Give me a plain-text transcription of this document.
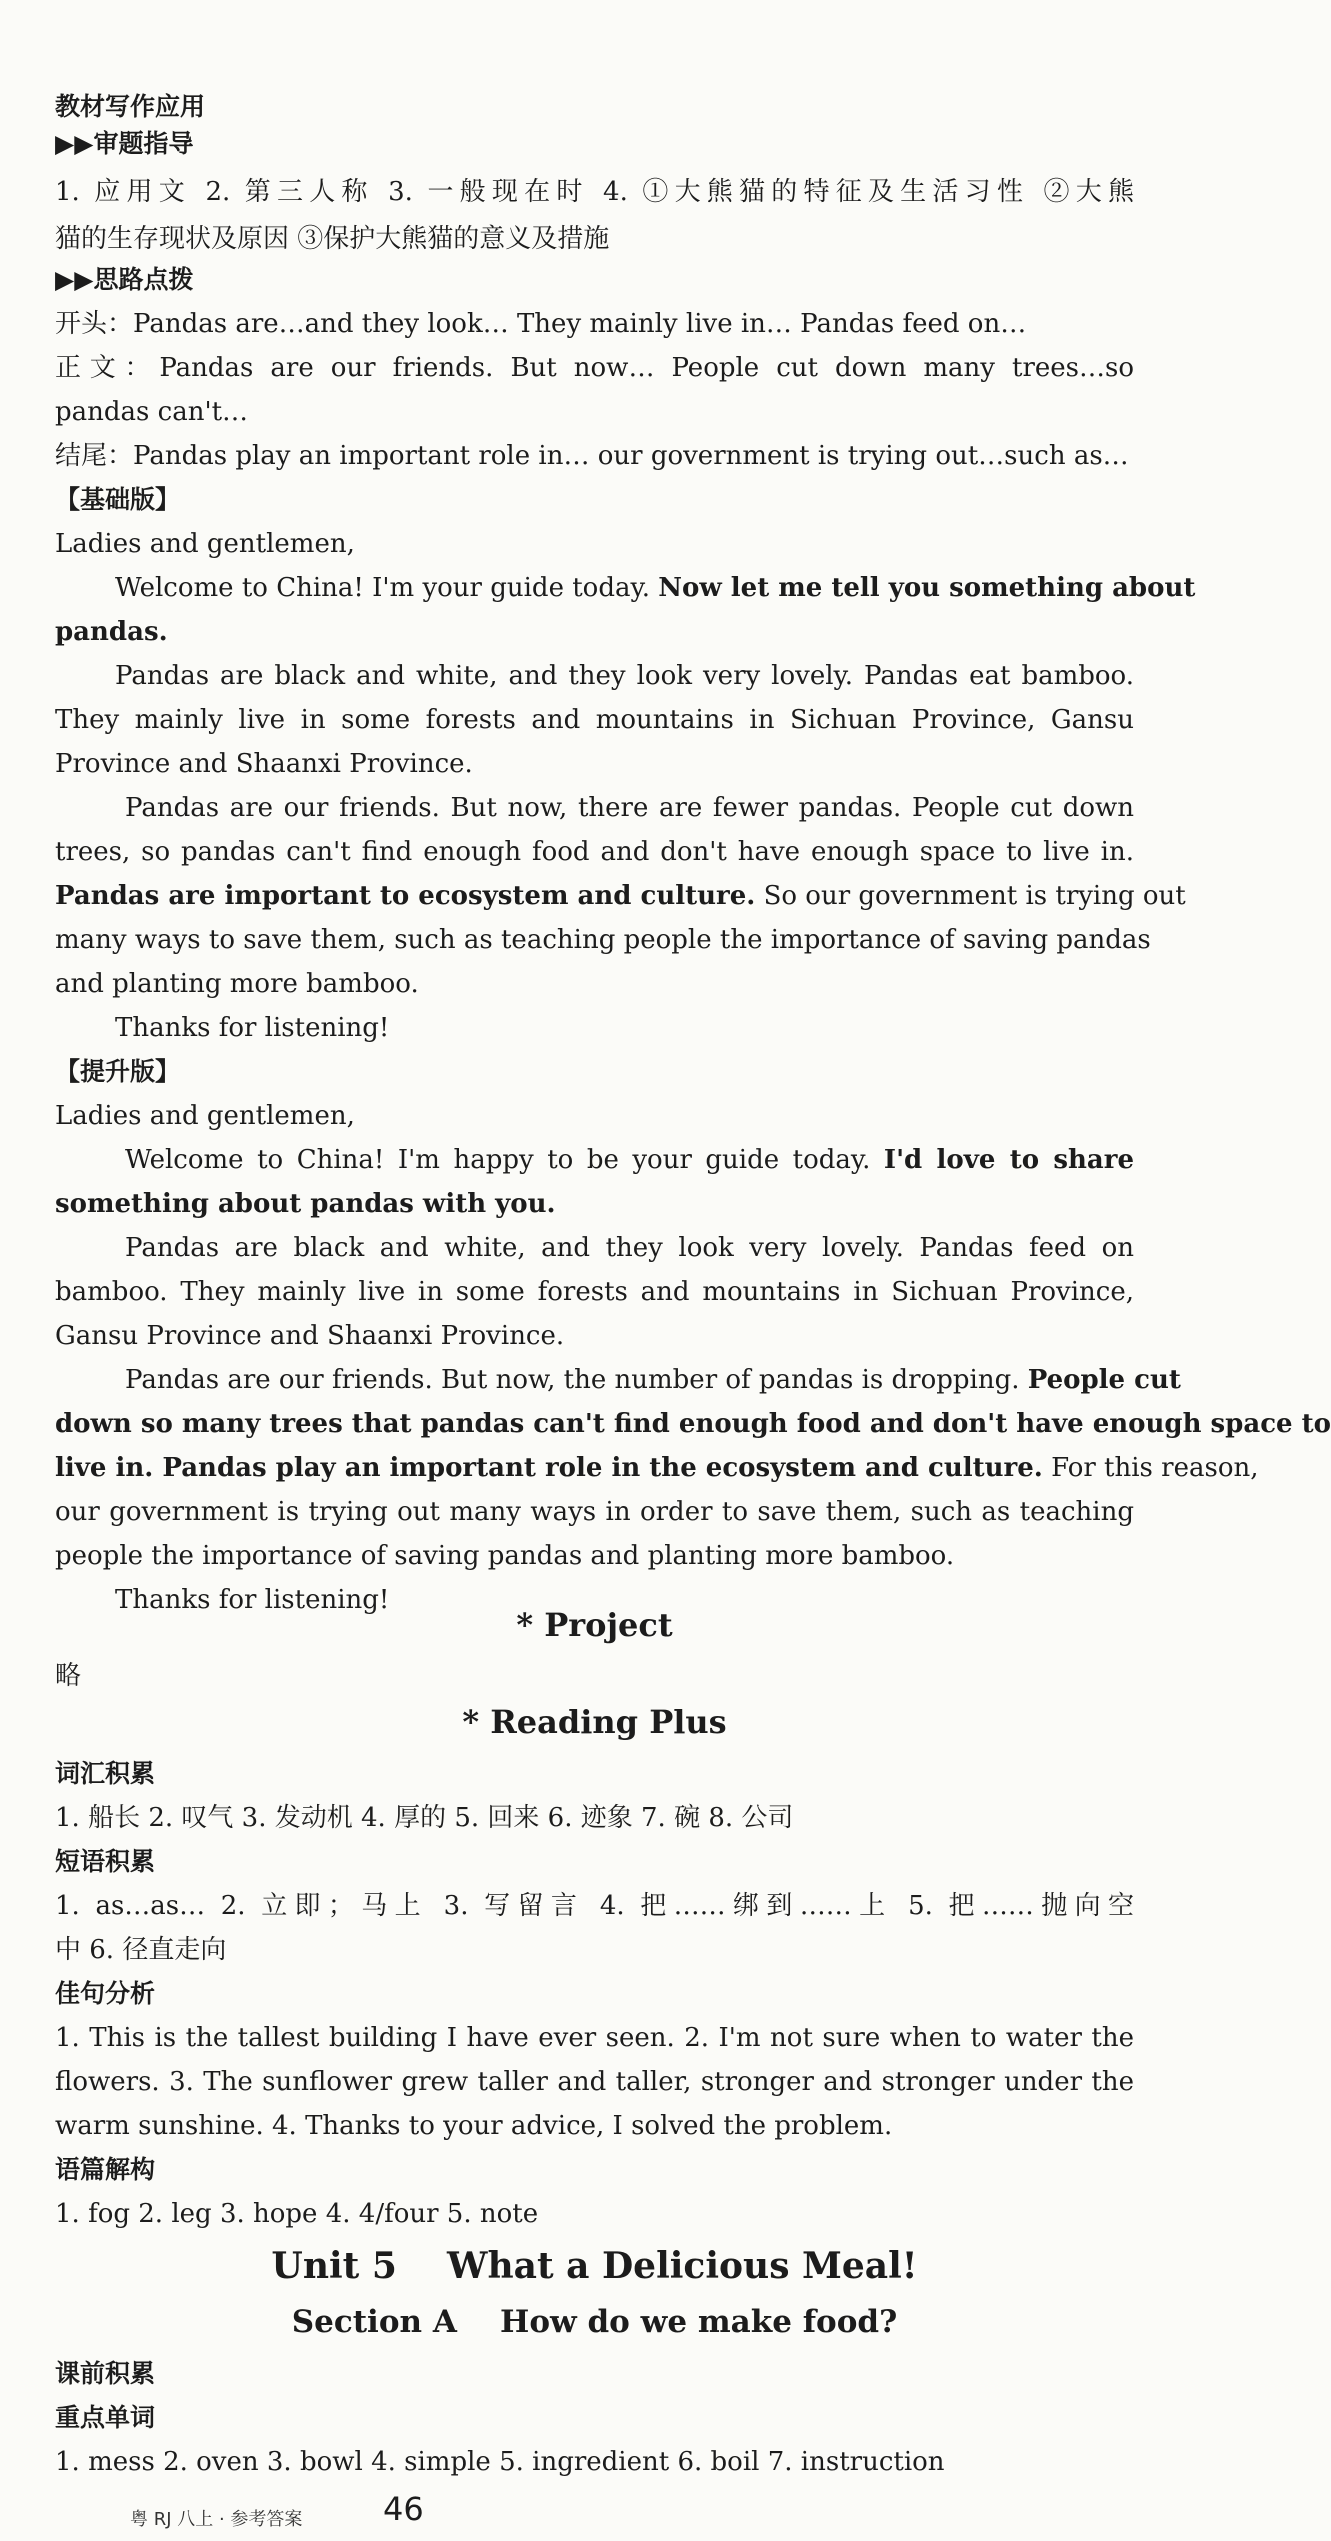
教材写作应用
▶▶审题指导
1. 应用文 2. 第三人称 3. 一般现在时 4. ①大熊猫的特征及生活习性 ②大熊
猫的生存现状及原因 ③保护大熊猫的意义及措施
▶▶思路点拨
开头：Pandas are…and they look… They mainly live in… Pandas feed on…
正文：Pandas are our friends. But now… People cut down many trees…so
pandas can't…
结尾：Pandas play an important role in… our government is trying out…such as…
【基础版】
Ladies and gentlemen,
Welcome to China! I'm your guide today. Now let me tell you something about
pandas.
Pandas are black and white, and they look very lovely. Pandas eat bamboo.
They mainly live in some forests and mountains in Sichuan Province, Gansu
Province and Shaanxi Province.
Pandas are our friends. But now, there are fewer pandas. People cut down
trees, so pandas can't find enough food and don't have enough space to live in.
Pandas are important to ecosystem and culture. So our government is trying out
many ways to save them, such as teaching people the importance of saving pandas
and planting more bamboo.
Thanks for listening!
【提升版】
Ladies and gentlemen,
Welcome to China! I'm happy to be your guide today. I'd love to share
something about pandas with you.
Pandas are black and white, and they look very lovely. Pandas feed on
bamboo. They mainly live in some forests and mountains in Sichuan Province,
Gansu Province and Shaanxi Province.
Pandas are our friends. But now, the number of pandas is dropping. People cut
down so many trees that pandas can't find enough food and don't have enough space to
live in. Pandas play an important role in the ecosystem and culture. For this reason,
our government is trying out many ways in order to save them, such as teaching
people the importance of saving pandas and planting more bamboo.
Thanks for listening!
* Project
略
* Reading Plus
词汇积累
1. 船长 2. 叹气 3. 发动机 4. 厚的 5. 回来 6. 迹象 7. 碗 8. 公司
短语积累
1. as…as… 2. 立即；马上 3. 写留言 4. 把……绑到……上 5. 把……抛向空
中 6. 径直走向
佳句分析
1. This is the tallest building I have ever seen. 2. I'm not sure when to water the
flowers. 3. The sunflower grew taller and taller, stronger and stronger under the
warm sunshine. 4. Thanks to your advice, I solved the problem.
语篇解构
1. fog 2. leg 3. hope 4. 4/four 5. note
Unit 5    What a Delicious Meal!
Section A    How do we make food?
课前积累
重点单词
1. mess 2. oven 3. bowl 4. simple 5. ingredient 6. boil 7. instruction
粤 RJ 八上 · 参考答案	46
